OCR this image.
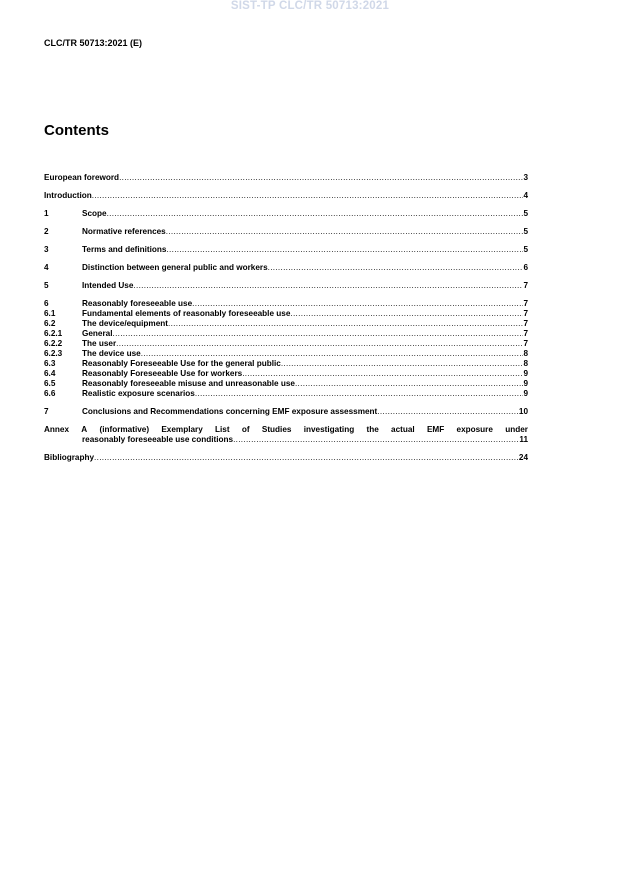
SIST-TP CLC/TR 50713:2021
CLC/TR 50713:2021 (E)
Contents
European foreword .....	3
Introduction .....	4
1	Scope .....	5
2	Normative references .....	5
3	Terms and definitions .....	5
4	Distinction between general public and workers .....	6
5	Intended Use .....	7
6	Reasonably foreseeable use .....	7
6.1	Fundamental elements of reasonably foreseeable use .....	7
6.2	The device/equipment .....	7
6.2.1	General .....	7
6.2.2	The user .....	7
6.2.3	The device use .....	8
6.3	Reasonably Foreseeable Use for the general public .....	8
6.4	Reasonably Foreseeable Use for workers .....	9
6.5	Reasonably foreseeable misuse and unreasonable use .....	9
6.6	Realistic exposure scenarios .....	9
7	Conclusions and Recommendations concerning EMF exposure assessment .....	10
Annex A (informative) Exemplary List of Studies investigating the actual EMF exposure under
reasonably foreseeable use conditions .....	11
Bibliography .....	24
